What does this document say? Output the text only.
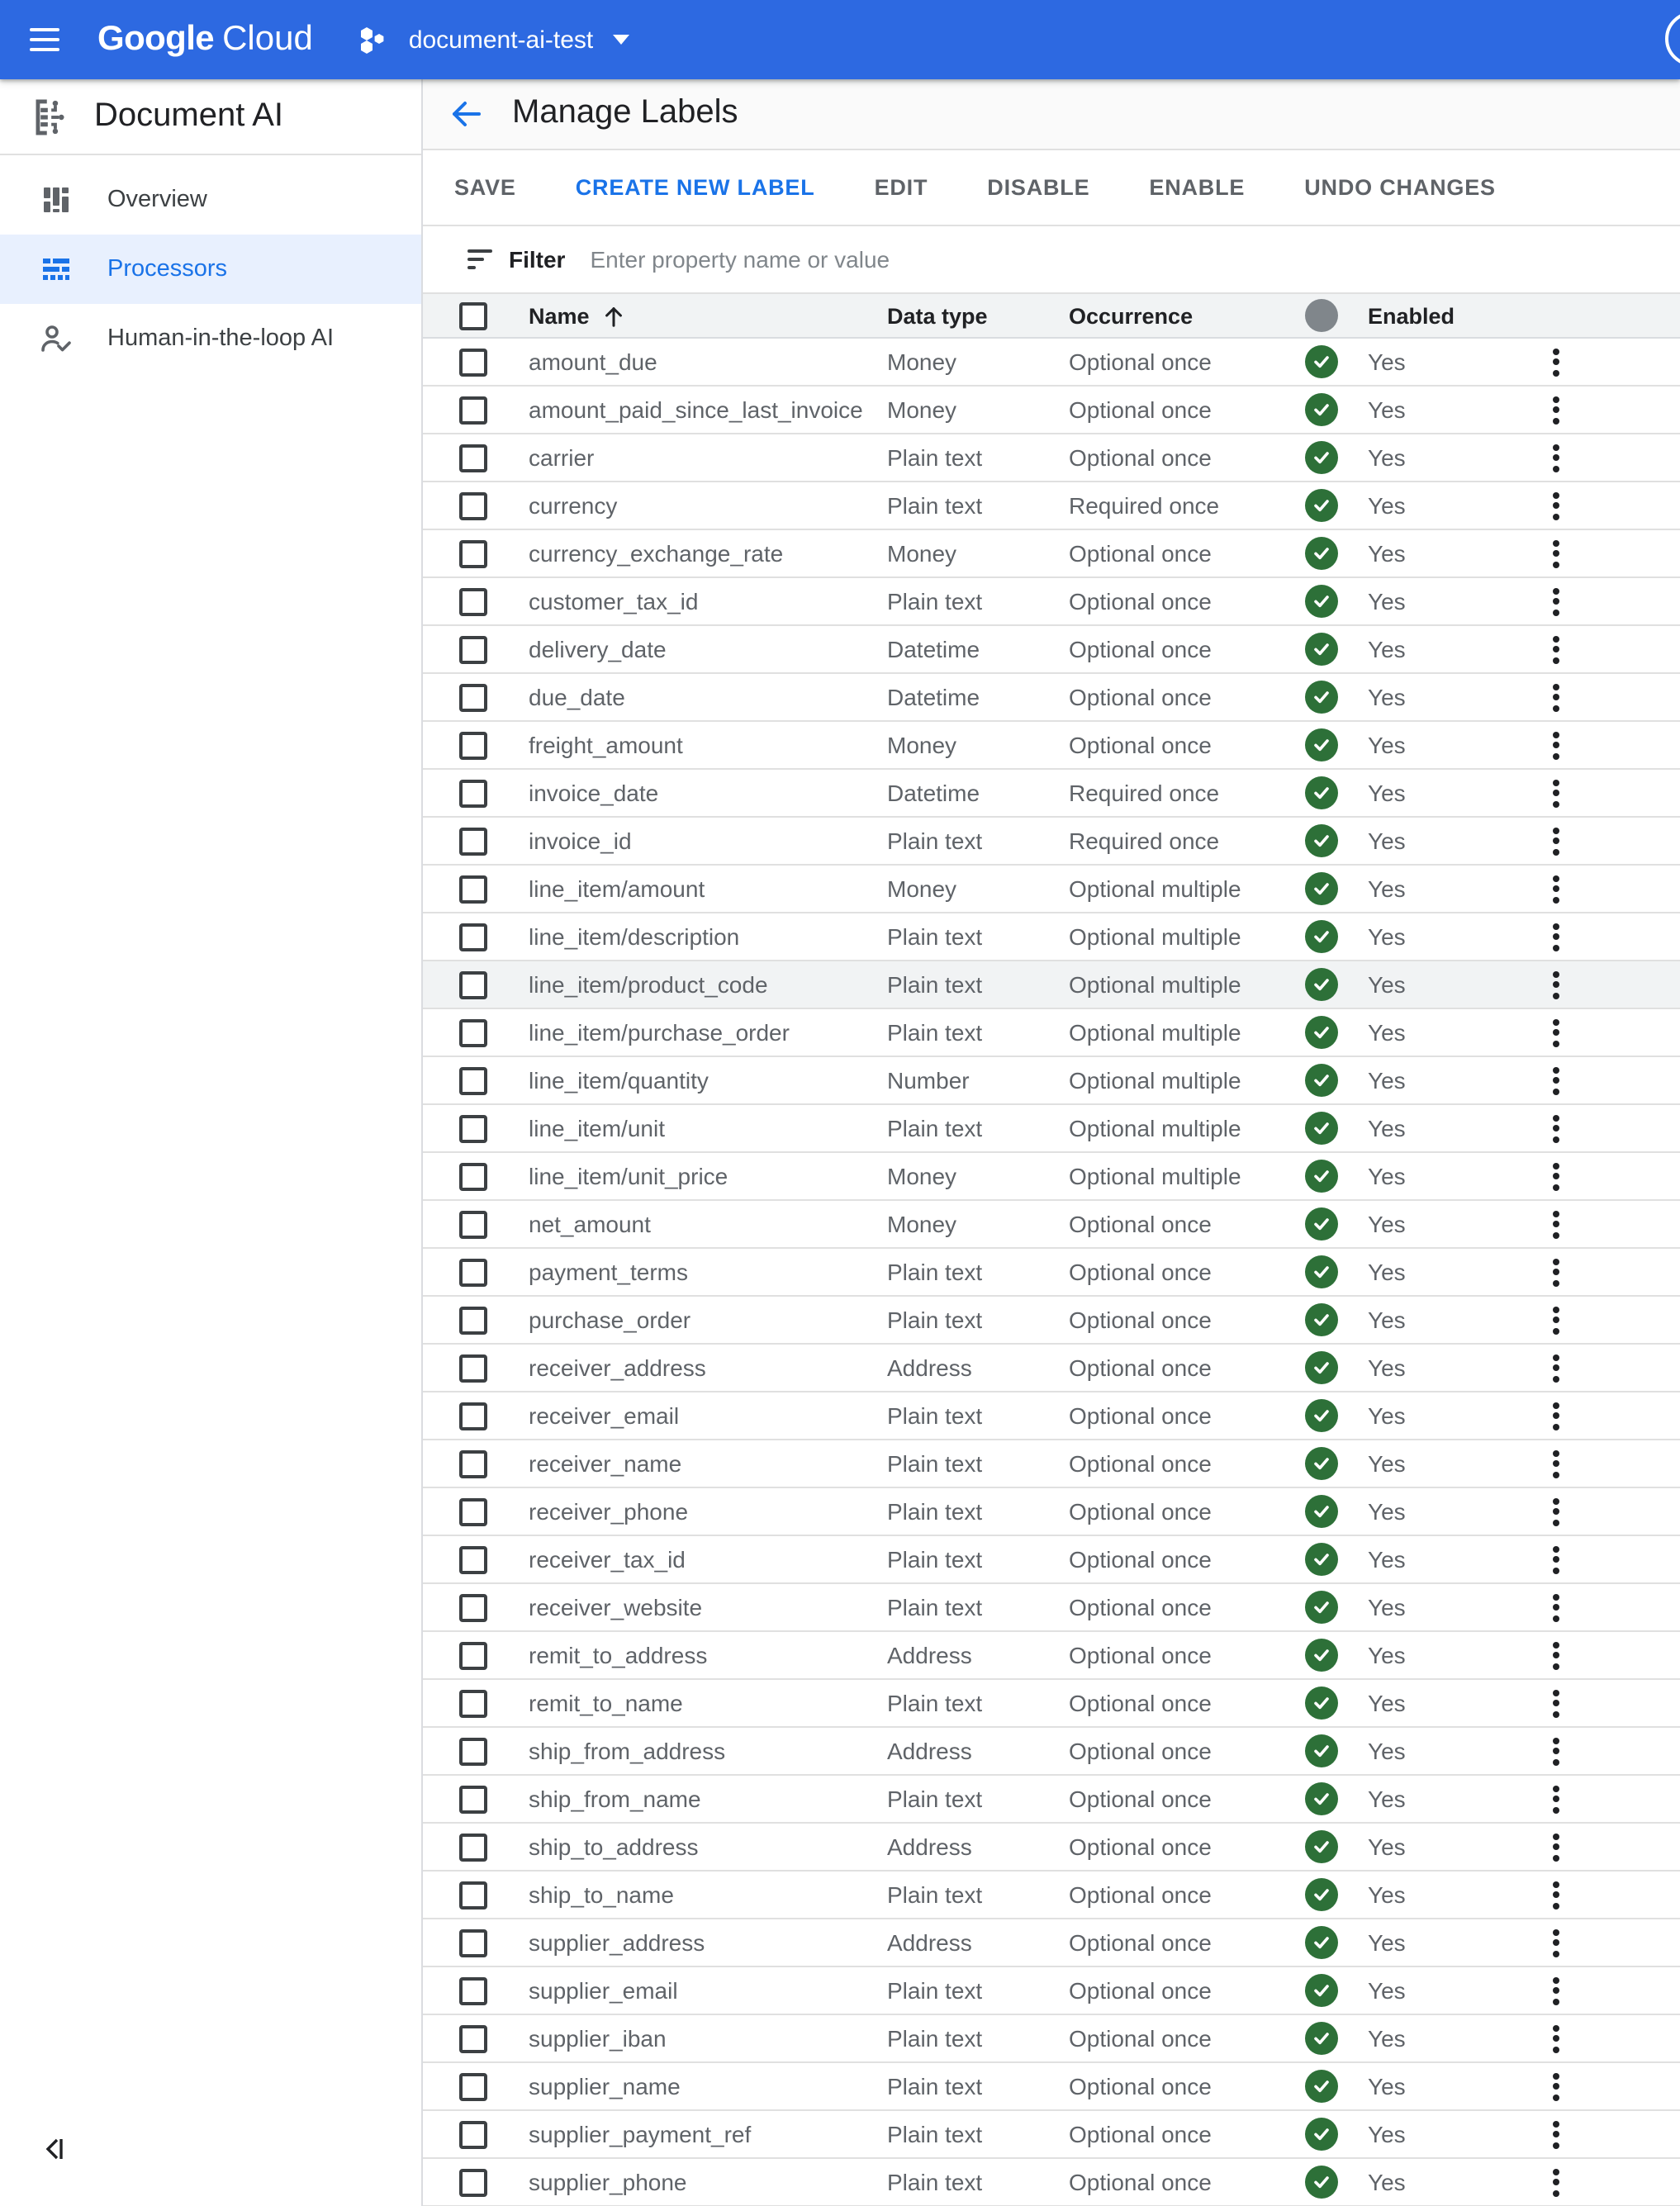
Google Cloud	document-ai-test
Document AI
Overview
Processors
Human-in-the-loop AI
Manage Labels
SAVE	CREATE NEW LABEL	EDIT	DISABLE	ENABLE	UNDO CHANGES
Filter Enter property name or value
Name	Data type	Occurrence	Enabled
amount_due	Money	Optional once	Yes
amount_paid_since_last_invoice	Money	Optional once	Yes
carrier	Plain text	Optional once	Yes
currency	Plain text	Required once	Yes
currency_exchange_rate	Money	Optional once	Yes
customer_tax_id	Plain text	Optional once	Yes
delivery_date	Datetime	Optional once	Yes
due_date	Datetime	Optional once	Yes
freight_amount	Money	Optional once	Yes
invoice_date	Datetime	Required once	Yes
invoice_id	Plain text	Required once	Yes
line_item/amount	Money	Optional multiple	Yes
line_item/description	Plain text	Optional multiple	Yes
line_item/product_code	Plain text	Optional multiple	Yes
line_item/purchase_order	Plain text	Optional multiple	Yes
line_item/quantity	Number	Optional multiple	Yes
line_item/unit	Plain text	Optional multiple	Yes
line_item/unit_price	Money	Optional multiple	Yes
net_amount	Money	Optional once	Yes
payment_terms	Plain text	Optional once	Yes
purchase_order	Plain text	Optional once	Yes
receiver_address	Address	Optional once	Yes
receiver_email	Plain text	Optional once	Yes
receiver_name	Plain text	Optional once	Yes
receiver_phone	Plain text	Optional once	Yes
receiver_tax_id	Plain text	Optional once	Yes
receiver_website	Plain text	Optional once	Yes
remit_to_address	Address	Optional once	Yes
remit_to_name	Plain text	Optional once	Yes
ship_from_address	Address	Optional once	Yes
ship_from_name	Plain text	Optional once	Yes
ship_to_address	Address	Optional once	Yes
ship_to_name	Plain text	Optional once	Yes
supplier_address	Address	Optional once	Yes
supplier_email	Plain text	Optional once	Yes
supplier_iban	Plain text	Optional once	Yes
supplier_name	Plain text	Optional once	Yes
supplier_payment_ref	Plain text	Optional once	Yes
supplier_phone	Plain text	Optional once	Yes
